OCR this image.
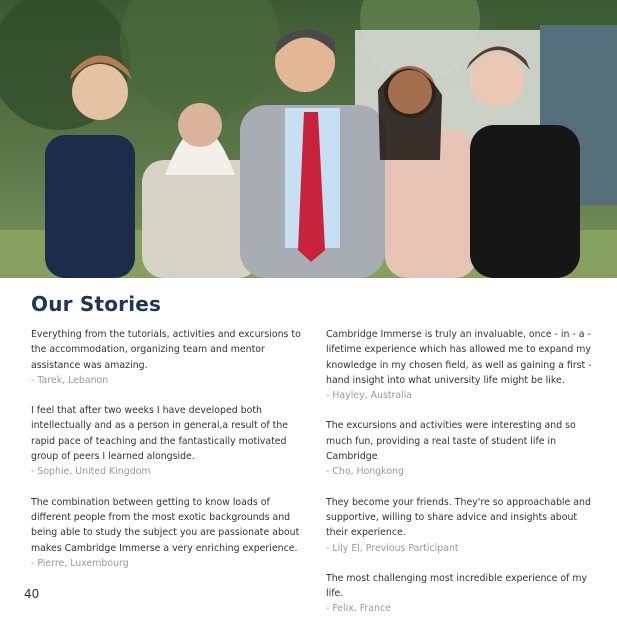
Our Stories

Everything from the tutorials, activities and excursions to the accommodation, organizing team and mentor assistance was amazing.

- Tarek, Lebanon

I feel that after two weeks I have developed both intellectually and as a person in general,a result of the rapid pace of teaching and the fantastically motivated group of peers I learned alongside.

- Sophie, United Kingdom

The combination between getting to know loads of different people from the most exotic backgrounds and being able to study the subject you are passionate about makes Cambridge Immerse a very enriching experience.

- Pierre, Luxembourg

Cambridge Immerse is truly an invaluable, once - in - a - lifetime experience which has allowed me to expand my knowledge in my chosen field, as well as gaining a first - hand insight into what university life might be like.

- Hayley, Australia

The excursions and activities were interesting and so much fun, providing a real taste of student life in Cambridge

- Cho, Hongkong

They become your friends. They're so approachable and supportive, willing to share advice and insights about their experience.

- Lily El, Previous Participant

The most challenging most incredible experience of my life.

- Felix, France

40
